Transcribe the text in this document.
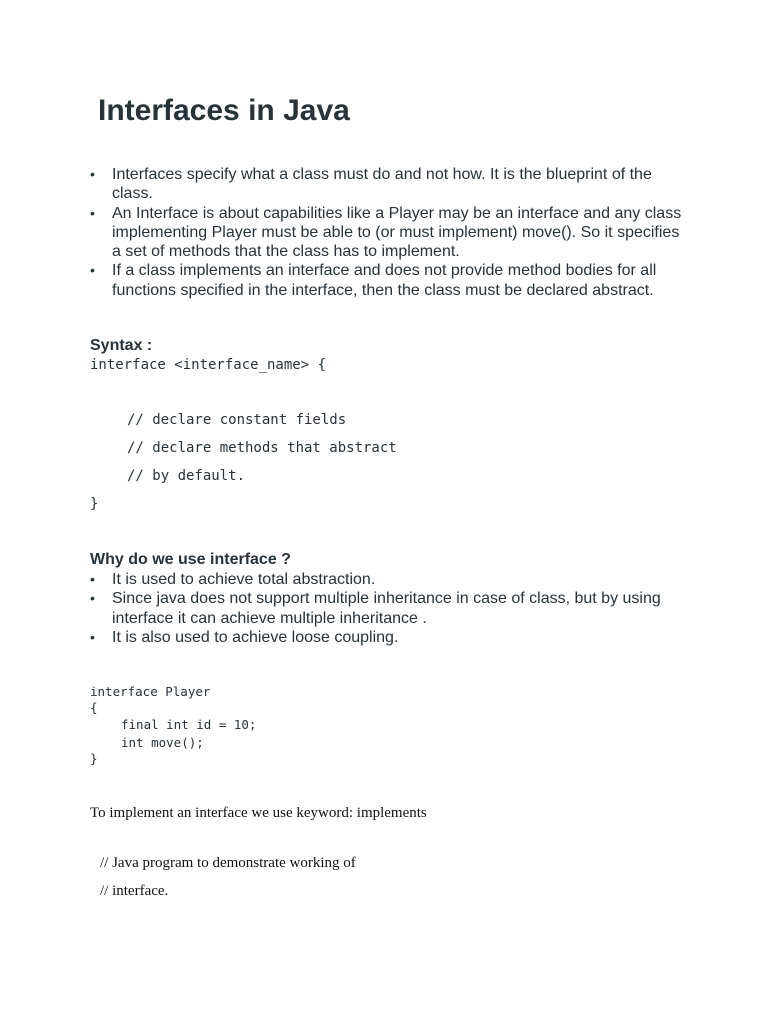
Interfaces in Java
• Interfaces specify what a class must do and not how. It is the blueprint of the class.
• An Interface is about capabilities like a Player may be an interface and any class implementing Player must be able to (or must implement) move(). So it specifies a set of methods that the class has to implement.
• If a class implements an interface and does not provide method bodies for all functions specified in the interface, then the class must be declared abstract.
Syntax :
interface <interface_name> {
// declare constant fields
// declare methods that abstract
// by default.
}
Why do we use interface ?
• It is used to achieve total abstraction.
• Since java does not support multiple inheritance in case of class, but by using interface it can achieve multiple inheritance .
• It is also used to achieve loose coupling.
interface Player
{
final int id = 10;
int move();
}
To implement an interface we use keyword: implements
// Java program to demonstrate working of
// interface.
